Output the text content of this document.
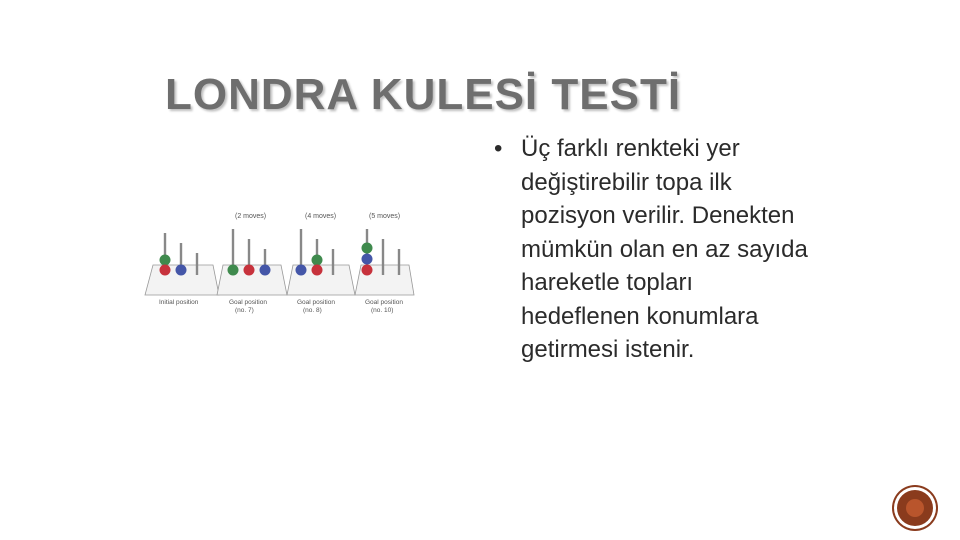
LONDRA KULESİ TESTİ
(2 moves)	(4 moves)	(5 moves)
Initial position	Goal position
(no. 7)
Goal position
(no. 8)
Goal position
(no. 10)
• Üç farklı renkteki yer değiştirebilir topa ilk pozisyon verilir. Denekten mümkün olan en az sayıda hareketle topları hedeflenen konumlara getirmesi istenir.
